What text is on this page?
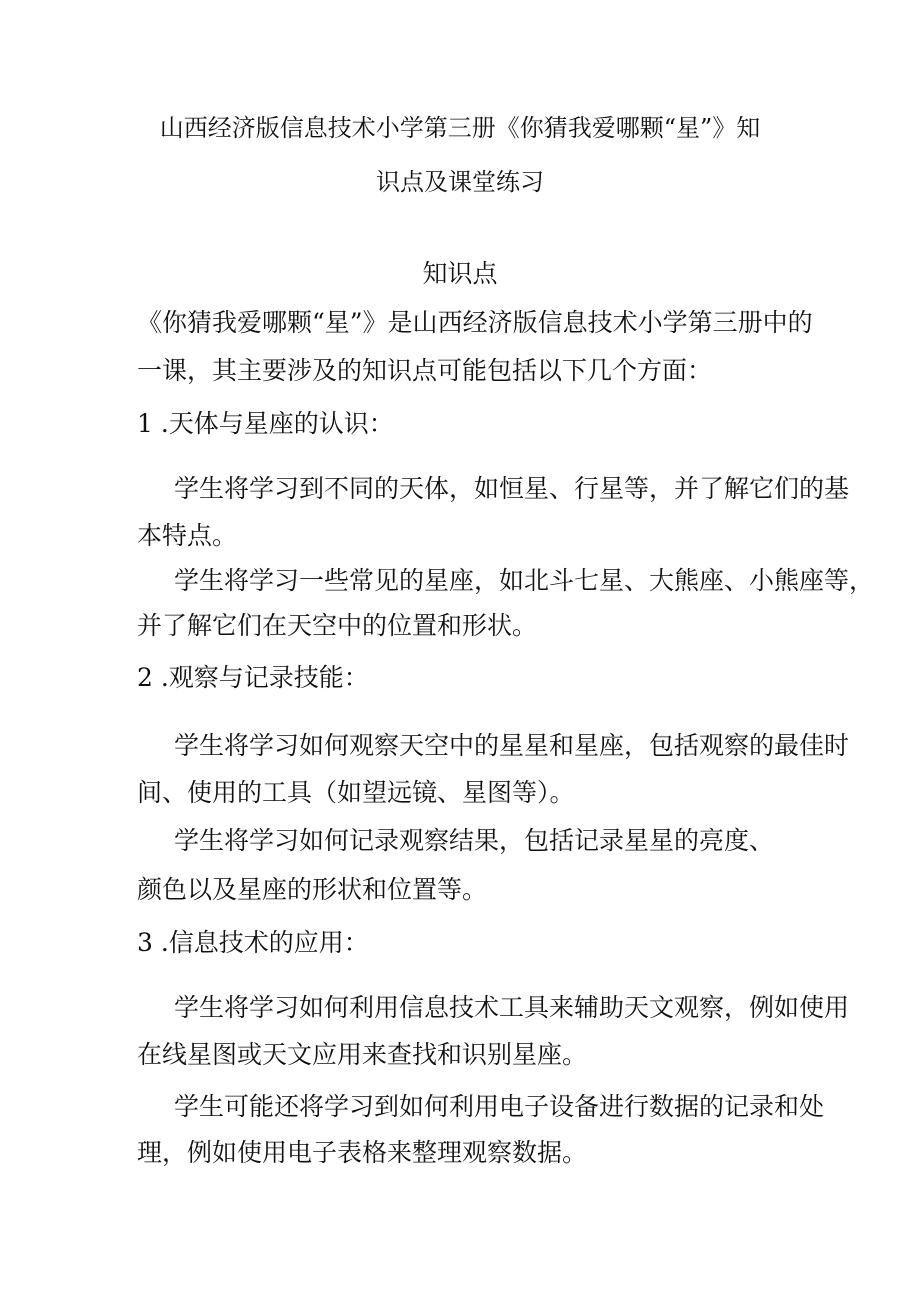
山西经济版信息技术小学第三册《你猜我爱哪颗“星”》知
识点及课堂练习
知识点
《你猜我爱哪颗“星”》是山西经济版信息技术小学第三册中的
一课，其主要涉及的知识点可能包括以下几个方面：
1 .天体与星座的认识：
学生将学习到不同的天体，如恒星、行星等，并了解它们的基
本特点。
学生将学习一些常见的星座，如北斗七星、大熊座、小熊座等，
并了解它们在天空中的位置和形状。
2 .观察与记录技能：
学生将学习如何观察天空中的星星和星座，包括观察的最佳时
间、使用的工具（如望远镜、星图等）。
学生将学习如何记录观察结果，包括记录星星的亮度、
颜色以及星座的形状和位置等。
3 .信息技术的应用：
学生将学习如何利用信息技术工具来辅助天文观察，例如使用
在线星图或天文应用来查找和识别星座。
学生可能还将学习到如何利用电子设备进行数据的记录和处
理，例如使用电子表格来整理观察数据。
